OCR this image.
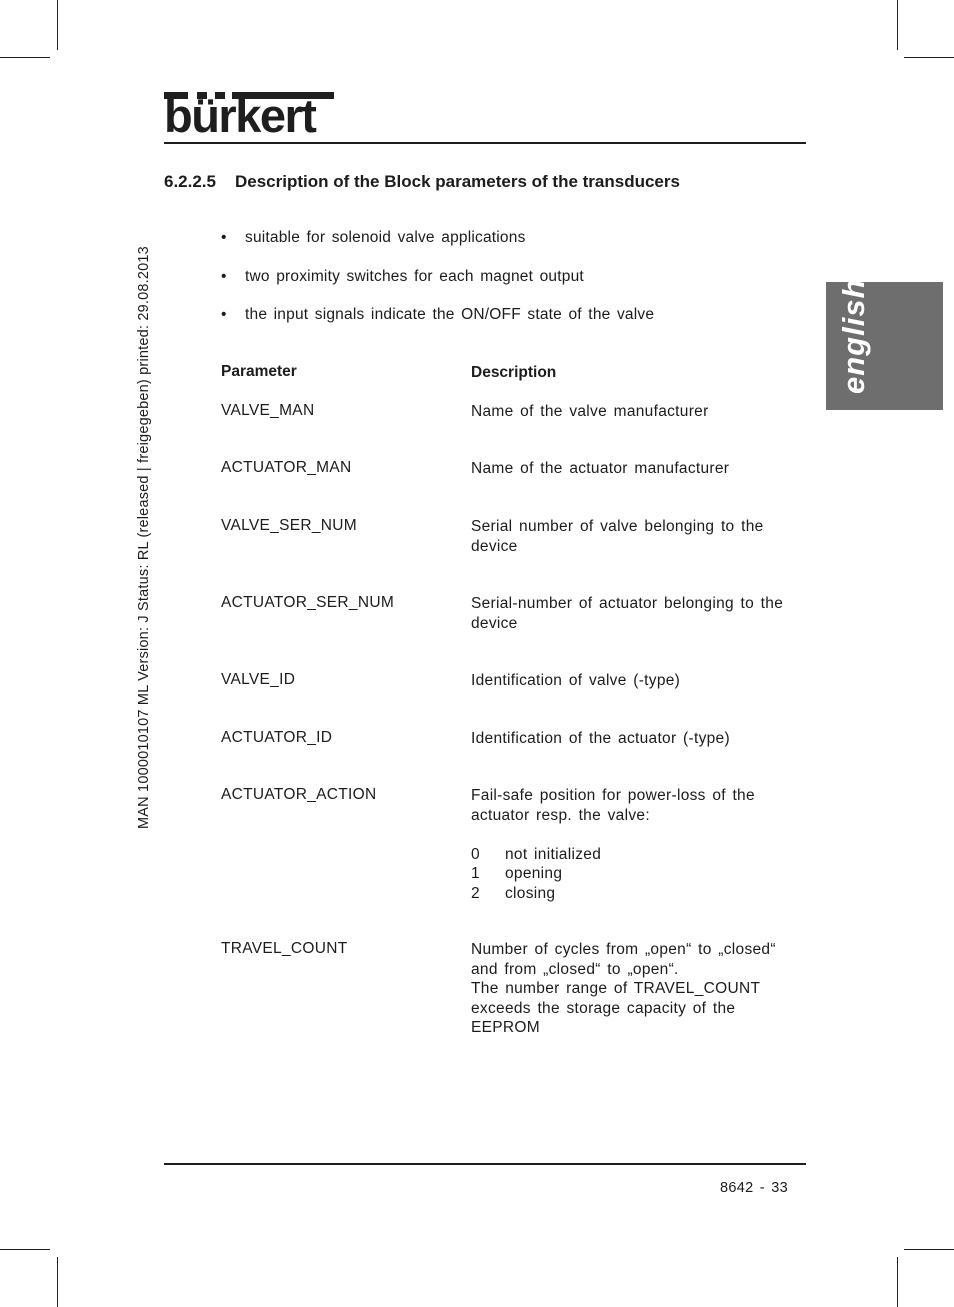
bürkert
6.2.2.5 Description of the Block parameters of the transducers
• suitable for solenoid valve applications
• two proximity switches for each magnet output
• the input signals indicate the ON/OFF state of the valve
Parameter	Description
VALVE_MAN	Name of the valve manufacturer
ACTUATOR_MAN	Name of the actuator manufacturer
VALVE_SER_NUM	Serial number of valve belonging to the
device
ACTUATOR_SER_NUM	Serial-number of actuator belonging to the
device
VALVE_ID	Identification of valve (-type)
ACTUATOR_ID	Identification of the actuator (-type)
ACTUATOR_ACTION	Fail-safe position for power-loss of the
actuator resp. the valve:
0 not initialized
1 opening
2 closing
TRAVEL_COUNT	Number of cycles from „open“ to „closed“
and from „closed“ to „open“.
The number range of TRAVEL_COUNT
exceeds the storage capacity of the
EEPROM
MAN 1000010107 ML Version: J Status: RL (released | freigegeben) printed: 29.08.2013	english
8642 - 33
